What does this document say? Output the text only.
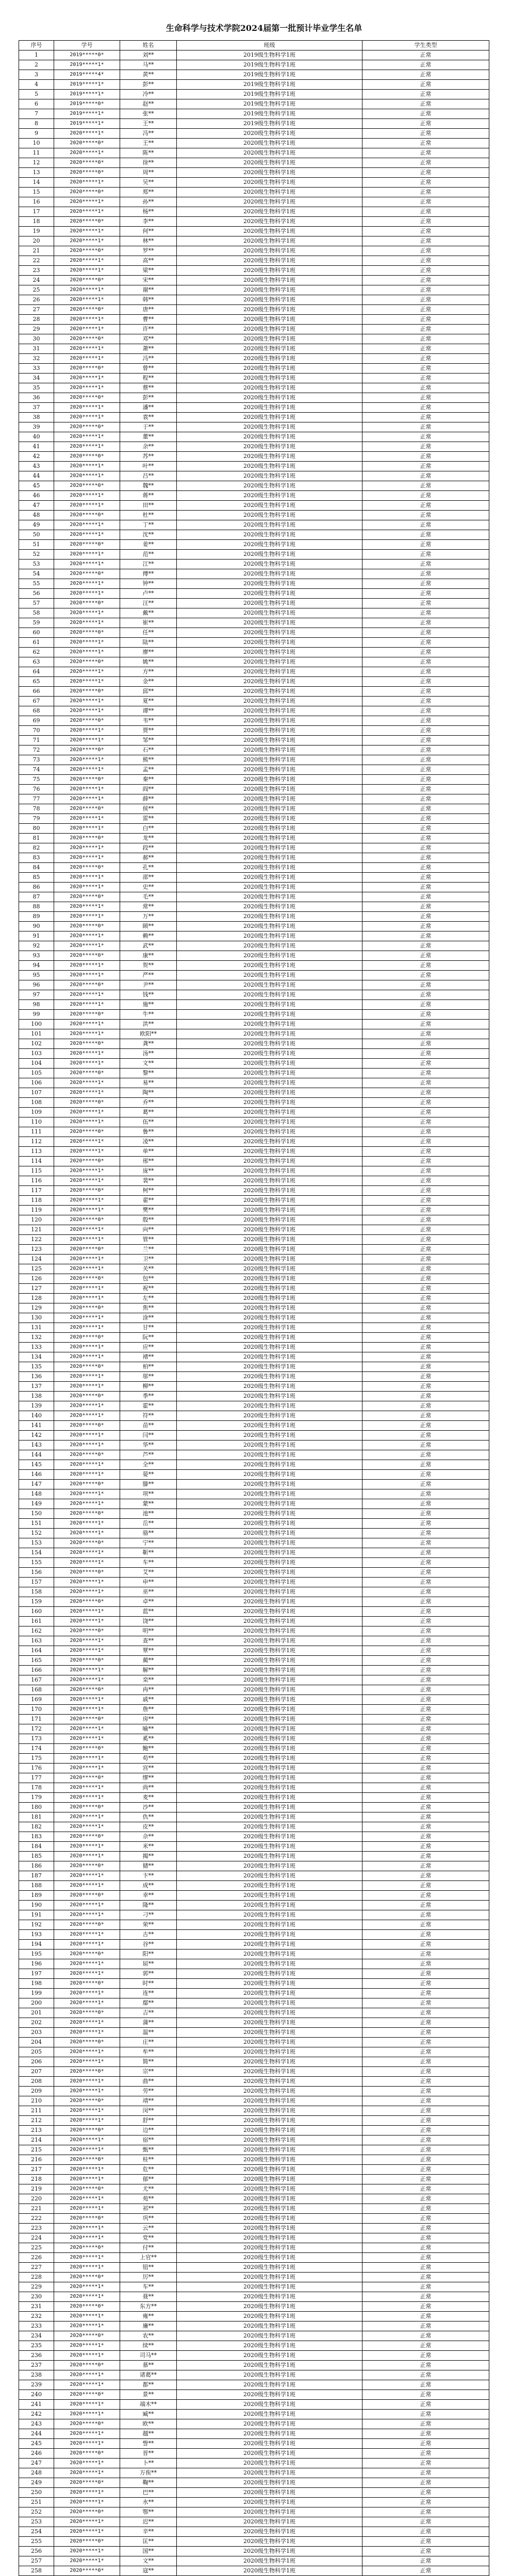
生命科学与技术学院2024届第一批预计毕业学生名单
序号	学号	姓名	班级	学生类型
1	2019*****0*	刘**	2019级生物科学1班	正常
2	2019*****1*	马**	2019级生物科学1班	正常
3	2019*****4*	黄**	2019级生物科学1班	正常
4	2019*****1*	彭**	2019级生物科学1班	正常
5	2019*****1*	冷**	2019级生物科学1班	正常
6	2019*****0*	赵**	2019级生物科学1班	正常
7	2019*****1*	张**	2019级生物科学1班	正常
8	2019*****1*	王**	2019级生物科学1班	正常
9	2020*****1*	冯**	2020级生物科学1班	正常
10	2020*****0*	王**	2020级生物科学1班	正常
11	2020*****1*	陈**	2020级生物科学1班	正常
12	2020*****0*	徐**	2020级生物科学1班	正常
13	2020*****0*	周**	2020级生物科学1班	正常
14	2020*****1*	吴**	2020级生物科学1班	正常
15	2020*****0*	郑**	2020级生物科学1班	正常
16	2020*****1*	孙**	2020级生物科学1班	正常
17	2020*****1*	杨**	2020级生物科学1班	正常
18	2020*****0*	李**	2020级生物科学1班	正常
19	2020*****1*	何**	2020级生物科学1班	正常
20	2020*****1*	林**	2020级生物科学1班	正常
21	2020*****0*	罗**	2020级生物科学1班	正常
22	2020*****1*	高**	2020级生物科学1班	正常
23	2020*****1*	梁**	2020级生物科学1班	正常
24	2020*****0*	宋**	2020级生物科学1班	正常
25	2020*****1*	谢**	2020级生物科学1班	正常
26	2020*****1*	韩**	2020级生物科学1班	正常
27	2020*****0*	唐**	2020级生物科学1班	正常
28	2020*****1*	曹**	2020级生物科学1班	正常
29	2020*****1*	许**	2020级生物科学1班	正常
30	2020*****0*	邓**	2020级生物科学1班	正常
31	2020*****1*	萧**	2020级生物科学1班	正常
32	2020*****1*	冯**	2020级生物科学1班	正常
33	2020*****0*	曾**	2020级生物科学1班	正常
34	2020*****1*	程**	2020级生物科学1班	正常
35	2020*****1*	蔡**	2020级生物科学1班	正常
36	2020*****0*	彭**	2020级生物科学1班	正常
37	2020*****1*	潘**	2020级生物科学1班	正常
38	2020*****1*	袁**	2020级生物科学1班	正常
39	2020*****0*	于**	2020级生物科学1班	正常
40	2020*****1*	董**	2020级生物科学1班	正常
41	2020*****1*	余**	2020级生物科学1班	正常
42	2020*****0*	苏**	2020级生物科学1班	正常
43	2020*****1*	叶**	2020级生物科学1班	正常
44	2020*****1*	吕**	2020级生物科学1班	正常
45	2020*****0*	魏**	2020级生物科学1班	正常
46	2020*****1*	蒋**	2020级生物科学1班	正常
47	2020*****1*	田**	2020级生物科学1班	正常
48	2020*****0*	杜**	2020级生物科学1班	正常
49	2020*****1*	丁**	2020级生物科学1班	正常
50	2020*****1*	沈**	2020级生物科学1班	正常
51	2020*****0*	姜**	2020级生物科学1班	正常
52	2020*****1*	范**	2020级生物科学1班	正常
53	2020*****1*	江**	2020级生物科学1班	正常
54	2020*****0*	傅**	2020级生物科学1班	正常
55	2020*****1*	钟**	2020级生物科学1班	正常
56	2020*****1*	卢**	2020级生物科学1班	正常
57	2020*****0*	汪**	2020级生物科学1班	正常
58	2020*****1*	戴**	2020级生物科学1班	正常
59	2020*****1*	崔**	2020级生物科学1班	正常
60	2020*****0*	任**	2020级生物科学1班	正常
61	2020*****1*	陆**	2020级生物科学1班	正常
62	2020*****1*	廖**	2020级生物科学1班	正常
63	2020*****0*	姚**	2020级生物科学1班	正常
64	2020*****1*	方**	2020级生物科学1班	正常
65	2020*****1*	金**	2020级生物科学1班	正常
66	2020*****0*	邱**	2020级生物科学1班	正常
67	2020*****1*	夏**	2020级生物科学1班	正常
68	2020*****1*	谭**	2020级生物科学1班	正常
69	2020*****0*	韦**	2020级生物科学1班	正常
70	2020*****1*	贾**	2020级生物科学1班	正常
71	2020*****1*	邹**	2020级生物科学1班	正常
72	2020*****0*	石**	2020级生物科学1班	正常
73	2020*****1*	熊**	2020级生物科学1班	正常
74	2020*****1*	孟**	2020级生物科学1班	正常
75	2020*****0*	秦**	2020级生物科学1班	正常
76	2020*****1*	阎**	2020级生物科学1班	正常
77	2020*****1*	薛**	2020级生物科学1班	正常
78	2020*****0*	侯**	2020级生物科学1班	正常
79	2020*****1*	雷**	2020级生物科学1班	正常
80	2020*****1*	白**	2020级生物科学1班	正常
81	2020*****0*	龙**	2020级生物科学1班	正常
82	2020*****1*	段**	2020级生物科学1班	正常
83	2020*****1*	郝**	2020级生物科学1班	正常
84	2020*****0*	孔**	2020级生物科学1班	正常
85	2020*****1*	邵**	2020级生物科学1班	正常
86	2020*****1*	史**	2020级生物科学1班	正常
87	2020*****0*	毛**	2020级生物科学1班	正常
88	2020*****1*	常**	2020级生物科学1班	正常
89	2020*****1*	万**	2020级生物科学1班	正常
90	2020*****0*	顾**	2020级生物科学1班	正常
91	2020*****1*	赖**	2020级生物科学1班	正常
92	2020*****1*	武**	2020级生物科学1班	正常
93	2020*****0*	康**	2020级生物科学1班	正常
94	2020*****1*	贺**	2020级生物科学1班	正常
95	2020*****1*	严**	2020级生物科学1班	正常
96	2020*****0*	尹**	2020级生物科学1班	正常
97	2020*****1*	钱**	2020级生物科学1班	正常
98	2020*****1*	施**	2020级生物科学1班	正常
99	2020*****0*	牛**	2020级生物科学1班	正常
100	2020*****1*	洪**	2020级生物科学1班	正常
101	2020*****1*	欧阳**	2020级生物科学1班	正常
102	2020*****0*	龚**	2020级生物科学1班	正常
103	2020*****1*	汤**	2020级生物科学1班	正常
104	2020*****1*	文**	2020级生物科学1班	正常
105	2020*****0*	黎**	2020级生物科学1班	正常
106	2020*****1*	易**	2020级生物科学1班	正常
107	2020*****1*	陶**	2020级生物科学1班	正常
108	2020*****0*	乔**	2020级生物科学1班	正常
109	2020*****1*	葛**	2020级生物科学1班	正常
110	2020*****1*	伍**	2020级生物科学1班	正常
111	2020*****0*	鲁**	2020级生物科学1班	正常
112	2020*****1*	凌**	2020级生物科学1班	正常
113	2020*****1*	单**	2020级生物科学1班	正常
114	2020*****0*	邢**	2020级生物科学1班	正常
115	2020*****1*	庞**	2020级生物科学1班	正常
116	2020*****1*	裴**	2020级生物科学1班	正常
117	2020*****0*	柯**	2020级生物科学1班	正常
118	2020*****1*	翟**	2020级生物科学1班	正常
119	2020*****1*	樊**	2020级生物科学1班	正常
120	2020*****0*	殷**	2020级生物科学1班	正常
121	2020*****1*	向**	2020级生物科学1班	正常
122	2020*****1*	管**	2020级生物科学1班	正常
123	2020*****0*	兰**	2020级生物科学1班	正常
124	2020*****1*	卫**	2020级生物科学1班	正常
125	2020*****1*	关**	2020级生物科学1班	正常
126	2020*****0*	包**	2020级生物科学1班	正常
127	2020*****1*	祝**	2020级生物科学1班	正常
128	2020*****1*	左**	2020级生物科学1班	正常
129	2020*****0*	焦**	2020级生物科学1班	正常
130	2020*****1*	涂**	2020级生物科学1班	正常
131	2020*****1*	甘**	2020级生物科学1班	正常
132	2020*****0*	阮**	2020级生物科学1班	正常
133	2020*****1*	应**	2020级生物科学1班	正常
134	2020*****1*	褚**	2020级生物科学1班	正常
135	2020*****0*	柏**	2020级生物科学1班	正常
136	2020*****1*	邬**	2020级生物科学1班	正常
137	2020*****1*	柳**	2020级生物科学1班	正常
138	2020*****0*	季**	2020级生物科学1班	正常
139	2020*****1*	霍**	2020级生物科学1班	正常
140	2020*****1*	符**	2020级生物科学1班	正常
141	2020*****0*	苗**	2020级生物科学1班	正常
142	2020*****1*	闫**	2020级生物科学1班	正常
143	2020*****1*	华**	2020级生物科学1班	正常
144	2020*****0*	芦**	2020级生物科学1班	正常
145	2020*****1*	全**	2020级生物科学1班	正常
146	2020*****1*	晏**	2020级生物科学1班	正常
147	2020*****0*	滕**	2020级生物科学1班	正常
148	2020*****1*	项**	2020级生物科学1班	正常
149	2020*****1*	蒙**	2020级生物科学1班	正常
150	2020*****0*	池**	2020级生物科学1班	正常
151	2020*****1*	岳**	2020级生物科学1班	正常
152	2020*****1*	骆**	2020级生物科学1班	正常
153	2020*****0*	宁**	2020级生物科学1班	正常
154	2020*****1*	靳**	2020级生物科学1班	正常
155	2020*****1*	车**	2020级生物科学1班	正常
156	2020*****0*	艾**	2020级生物科学1班	正常
157	2020*****1*	申**	2020级生物科学1班	正常
158	2020*****1*	巫**	2020级生物科学1班	正常
159	2020*****0*	卓**	2020级生物科学1班	正常
160	2020*****1*	蓝**	2020级生物科学1班	正常
161	2020*****1*	饶**	2020级生物科学1班	正常
162	2020*****0*	明**	2020级生物科学1班	正常
163	2020*****1*	查**	2020级生物科学1班	正常
164	2020*****1*	覃**	2020级生物科学1班	正常
165	2020*****0*	蔺**	2020级生物科学1班	正常
166	2020*****1*	解**	2020级生物科学1班	正常
167	2020*****1*	栾**	2020级生物科学1班	正常
168	2020*****0*	冉**	2020级生物科学1班	正常
169	2020*****1*	戚**	2020级生物科学1班	正常
170	2020*****1*	詹**	2020级生物科学1班	正常
171	2020*****0*	房**	2020级生物科学1班	正常
172	2020*****1*	喻**	2020级生物科学1班	正常
173	2020*****1*	奚**	2020级生物科学1班	正常
174	2020*****0*	鲍**	2020级生物科学1班	正常
175	2020*****1*	苟**	2020级生物科学1班	正常
176	2020*****1*	宫**	2020级生物科学1班	正常
177	2020*****0*	缪**	2020级生物科学1班	正常
178	2020*****1*	尚**	2020级生物科学1班	正常
179	2020*****1*	麦**	2020级生物科学1班	正常
180	2020*****0*	沙**	2020级生物科学1班	正常
181	2020*****1*	仇**	2020级生物科学1班	正常
182	2020*****1*	皮**	2020级生物科学1班	正常
183	2020*****0*	佘**	2020级生物科学1班	正常
184	2020*****1*	米**	2020级生物科学1班	正常
185	2020*****1*	揭**	2020级生物科学1班	正常
186	2020*****0*	储**	2020级生物科学1班	正常
187	2020*****1*	卞**	2020级生物科学1班	正常
188	2020*****1*	成**	2020级生物科学1班	正常
189	2020*****0*	幸**	2020级生物科学1班	正常
190	2020*****1*	隆**	2020级生物科学1班	正常
191	2020*****1*	刁**	2020级生物科学1班	正常
192	2020*****0*	荣**	2020级生物科学1班	正常
193	2020*****1*	古**	2020级生物科学1班	正常
194	2020*****1*	谷**	2020级生物科学1班	正常
195	2020*****0*	阳**	2020级生物科学1班	正常
196	2020*****1*	屈**	2020级生物科学1班	正常
197	2020*****1*	郭**	2020级生物科学1班	正常
198	2020*****0*	时**	2020级生物科学1班	正常
199	2020*****1*	连**	2020级生物科学1班	正常
200	2020*****1*	鄢**	2020级生物科学1班	正常
201	2020*****0*	吉**	2020级生物科学1班	正常
202	2020*****1*	蒲**	2020级生物科学1班	正常
203	2020*****1*	温**	2020级生物科学1班	正常
204	2020*****0*	庄**	2020级生物科学1班	正常
205	2020*****1*	牟**	2020级生物科学1班	正常
206	2020*****1*	简**	2020级生物科学1班	正常
207	2020*****0*	宗**	2020级生物科学1班	正常
208	2020*****1*	曲**	2020级生物科学1班	正常
209	2020*****1*	劳**	2020级生物科学1班	正常
210	2020*****0*	靖**	2020级生物科学1班	正常
211	2020*****1*	闵**	2020级生物科学1班	正常
212	2020*****1*	舒**	2020级生物科学1班	正常
213	2020*****0*	边**	2020级生物科学1班	正常
214	2020*****1*	宿**	2020级生物科学1班	正常
215	2020*****1*	甄**	2020级生物科学1班	正常
216	2020*****0*	桂**	2020级生物科学1班	正常
217	2020*****1*	危**	2020级生物科学1班	正常
218	2020*****1*	郁**	2020级生物科学1班	正常
219	2020*****0*	尤**	2020级生物科学1班	正常
220	2020*****1*	苑**	2020级生物科学1班	正常
221	2020*****1*	祁**	2020级生物科学1班	正常
222	2020*****0*	巩**	2020级生物科学1班	正常
223	2020*****1*	云**	2020级生物科学1班	正常
224	2020*****1*	党**	2020级生物科学1班	正常
225	2020*****0*	付**	2020级生物科学1班	正常
226	2020*****1*	上官**	2020级生物科学1班	正常
227	2020*****1*	钮**	2020级生物科学1班	正常
228	2020*****0*	厉**	2020级生物科学1班	正常
229	2020*****1*	车**	2020级生物科学1班	正常
230	2020*****1*	聂**	2020级生物科学1班	正常
231	2020*****0*	东方**	2020级生物科学1班	正常
232	2020*****1*	雍**	2020级生物科学1班	正常
233	2020*****1*	廉**	2020级生物科学1班	正常
234	2020*****0*	农**	2020级生物科学1班	正常
235	2020*****1*	续**	2020级生物科学1班	正常
236	2020*****1*	司马**	2020级生物科学1班	正常
237	2020*****0*	慕**	2020级生物科学1班	正常
238	2020*****1*	诸葛**	2020级生物科学1班	正常
239	2020*****1*	都**	2020级生物科学1班	正常
240	2020*****0*	景**	2020级生物科学1班	正常
241	2020*****1*	端木**	2020级生物科学1班	正常
242	2020*****1*	臧**	2020级生物科学1班	正常
243	2020*****0*	欧**	2020级生物科学1班	正常
244	2020*****1*	越**	2020级生物科学1班	正常
245	2020*****1*	訾**	2020级生物科学1班	正常
246	2020*****0*	晋**	2020级生物科学1班	正常
247	2020*****1*	卜**	2020级生物科学1班	正常
248	2020*****1*	万俟**	2020级生物科学1班	正常
249	2020*****0*	鞠**	2020级生物科学1班	正常
250	2020*****1*	巴**	2020级生物科学1班	正常
251	2020*****1*	水**	2020级生物科学1班	正常
252	2020*****0*	鄂**	2020级生物科学1班	正常
253	2020*****1*	迟**	2020级生物科学1班	正常
254	2020*****1*	辛**	2020级生物科学1班	正常
255	2020*****0*	匡**	2020级生物科学1班	正常
256	2020*****1*	国**	2020级生物科学1班	正常
257	2020*****1*	文**	2020级生物科学1班	正常
258	2020*****0*	寇**	2020级生物科学1班	正常
